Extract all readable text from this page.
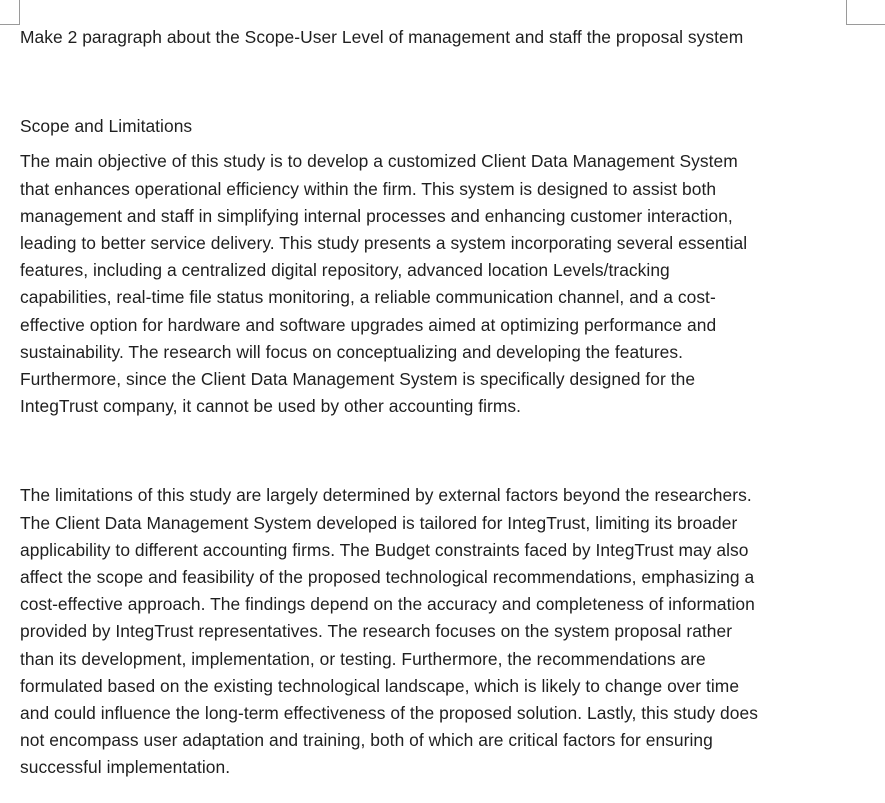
Make 2 paragraph about the Scope-User Level of management and staff the proposal system

Scope and Limitations

The main objective of this study is to develop a customized Client Data Management System

that enhances operational efficiency within the firm. This system is designed to assist both

management and staff in simplifying internal processes and enhancing customer interaction,

leading to better service delivery. This study presents a system incorporating several essential

features, including a centralized digital repository, advanced location Levels/tracking

capabilities, real-time file status monitoring, a reliable communication channel, and a cost-

effective option for hardware and software upgrades aimed at optimizing performance and

sustainability. The research will focus on conceptualizing and developing the features.

Furthermore, since the Client Data Management System is specifically designed for the

IntegTrust company, it cannot be used by other accounting firms.

The limitations of this study are largely determined by external factors beyond the researchers.

The Client Data Management System developed is tailored for IntegTrust, limiting its broader

applicability to different accounting firms. The Budget constraints faced by IntegTrust may also

affect the scope and feasibility of the proposed technological recommendations, emphasizing a

cost-effective approach. The findings depend on the accuracy and completeness of information

provided by IntegTrust representatives. The research focuses on the system proposal rather

than its development, implementation, or testing. Furthermore, the recommendations are

formulated based on the existing technological landscape, which is likely to change over time

and could influence the long-term effectiveness of the proposed solution. Lastly, this study does

not encompass user adaptation and training, both of which are critical factors for ensuring

successful implementation.
